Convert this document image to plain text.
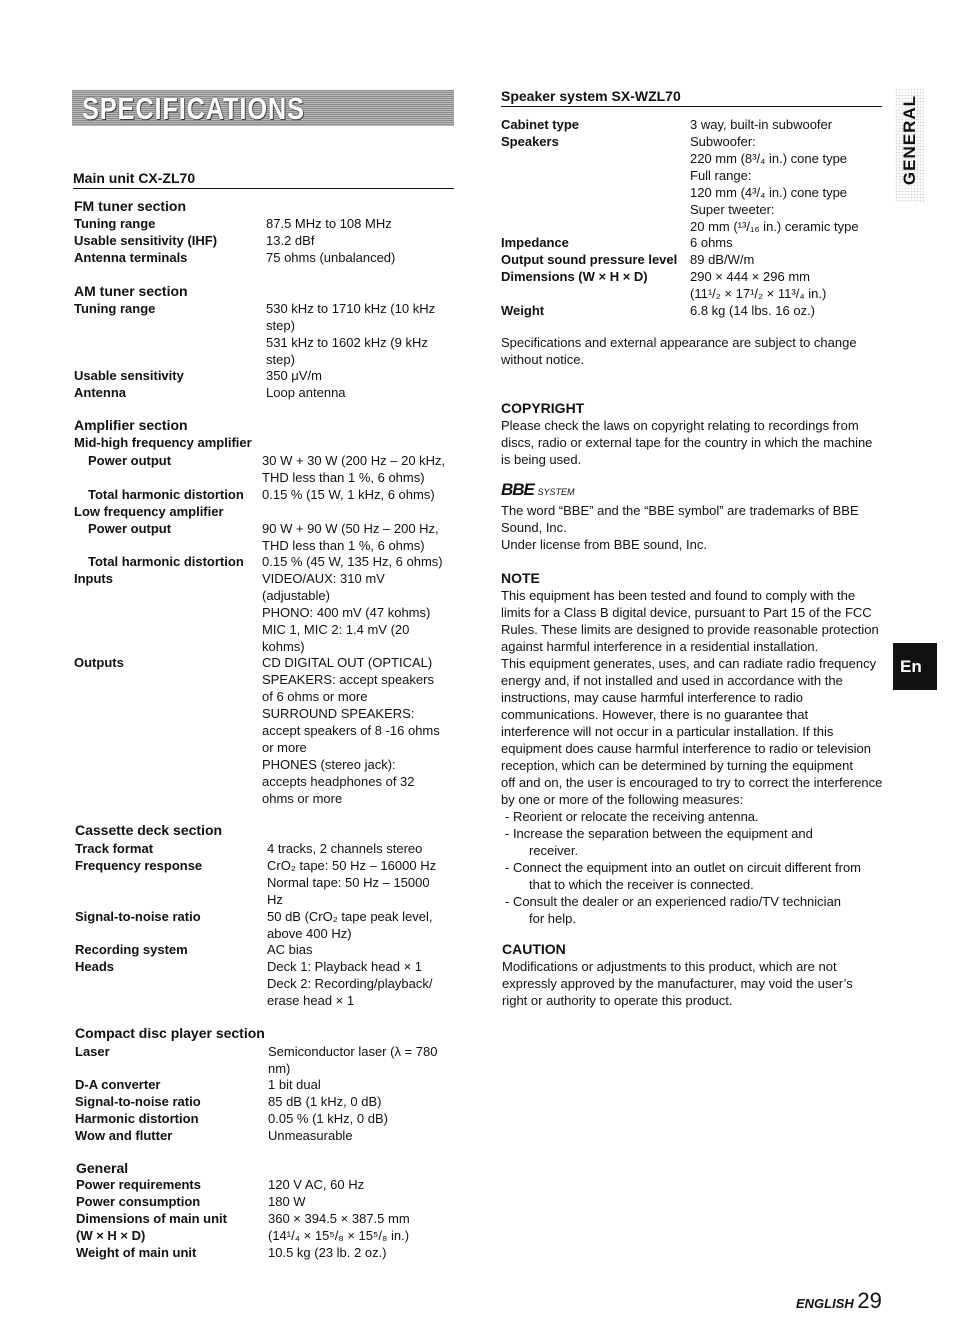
SPECIFICATIONS	GENERAL
En
Main unit CX-ZL70
Speaker system SX-WZL70
Specifications and external appearance are subject to change
without notice.
COPYRIGHT
Please check the laws on copyright relating to recordings from
discs, radio or external tape for the country in which the machine
is being used.
BBE SYSTEM
The word “BBE” and the “BBE symbol” are trademarks of BBE
Sound, Inc.
Under license from BBE sound, Inc.
NOTE
This equipment has been tested and found to comply with the
limits for a Class B digital device, pursuant to Part 15 of the FCC
Rules. These limits are designed to provide reasonable protection
against harmful interference in a residential installation.
This equipment generates, uses, and can radiate radio frequency
energy and, if not installed and used in accordance with the
instructions, may cause harmful interference to radio
communications. However, there is no guarantee that
interference will not occur in a particular installation. If this
equipment does cause harmful interference to radio or television
reception, which can be determined by turning the equipment
off and on, the user is encouraged to try to correct the interference
by one or more of the following measures:
- Reorient or relocate the receiving antenna.
- Increase the separation between the equipment and
receiver.
- Connect the equipment into an outlet on circuit different from
that to which the receiver is connected.
- Consult the dealer or an experienced radio/TV technician
for help.
CAUTION
Modifications or adjustments to this product, which are not
expressly approved by the manufacturer, may void the user’s
right or authority to operate this product.
ENGLISH 29
FM tuner section
Tuning range	87.5 MHz to 108 MHz
Usable sensitivity (IHF)	13.2 dBf
Antenna terminals	75 ohms (unbalanced)
AM tuner section
Tuning range	530 kHz to 1710 kHz (10 kHz
step)
531 kHz to 1602 kHz (9 kHz
step)
Usable sensitivity	350 μV/m
Antenna	Loop antenna
Amplifier section
Mid-high frequency amplifier
Power output	30 W + 30 W (200 Hz – 20 kHz,
THD less than 1 %, 6 ohms)
Total harmonic distortion 0.15 % (15 W, 1 kHz, 6 ohms)
Low frequency amplifier
Power output	90 W + 90 W (50 Hz – 200 Hz,
THD less than 1 %, 6 ohms)
Total harmonic distortion 0.15 % (45 W, 135 Hz, 6 ohms)
Inputs	VIDEO/AUX: 310 mV
(adjustable)
PHONO: 400 mV (47 kohms)
MIC 1, MIC 2: 1.4 mV (20
kohms)
Outputs	CD DIGITAL OUT (OPTICAL)
SPEAKERS: accept speakers
of 6 ohms or more
SURROUND SPEAKERS:
accept speakers of 8 -16 ohms
or more
PHONES (stereo jack):
accepts headphones of 32
ohms or more
Cassette deck section
Track format	4 tracks, 2 channels stereo
Frequency response	CrO₂ tape: 50 Hz – 16000 Hz
Normal tape: 50 Hz – 15000
Hz
Signal-to-noise ratio	50 dB (CrO₂ tape peak level,
above 400 Hz)
Recording system	AC bias
Heads	Deck 1: Playback head × 1
Deck 2: Recording/playback/
erase head × 1
Compact disc player section
Laser	Semiconductor laser (λ = 780
nm)
D-A converter	1 bit dual
Signal-to-noise ratio	85 dB (1 kHz, 0 dB)
Harmonic distortion	0.05 % (1 kHz, 0 dB)
Wow and flutter	Unmeasurable
General
Power requirements	120 V AC, 60 Hz
Power consumption	180 W
Dimensions of main unit
(W × H × D)
360 × 394.5 × 387.5 mm
(14¹/₄ × 15⁵/₈ × 15⁵/₈ in.)
Weight of main unit	10.5 kg (23 lb. 2 oz.)
Cabinet type	3 way, built-in subwoofer
Speakers	Subwoofer:
220 mm (8³/₄ in.) cone type
Full range:
120 mm (4³/₄ in.) cone type
Super tweeter:
20 mm (¹³/₁₆ in.) ceramic type
Impedance	6 ohms
Output sound pressure level 89 dB/W/m
Dimensions (W × H × D)	290 × 444 × 296 mm
(11¹/₂ × 17¹/₂ × 11³/₄ in.)
Weight	6.8 kg (14 lbs. 16 oz.)
